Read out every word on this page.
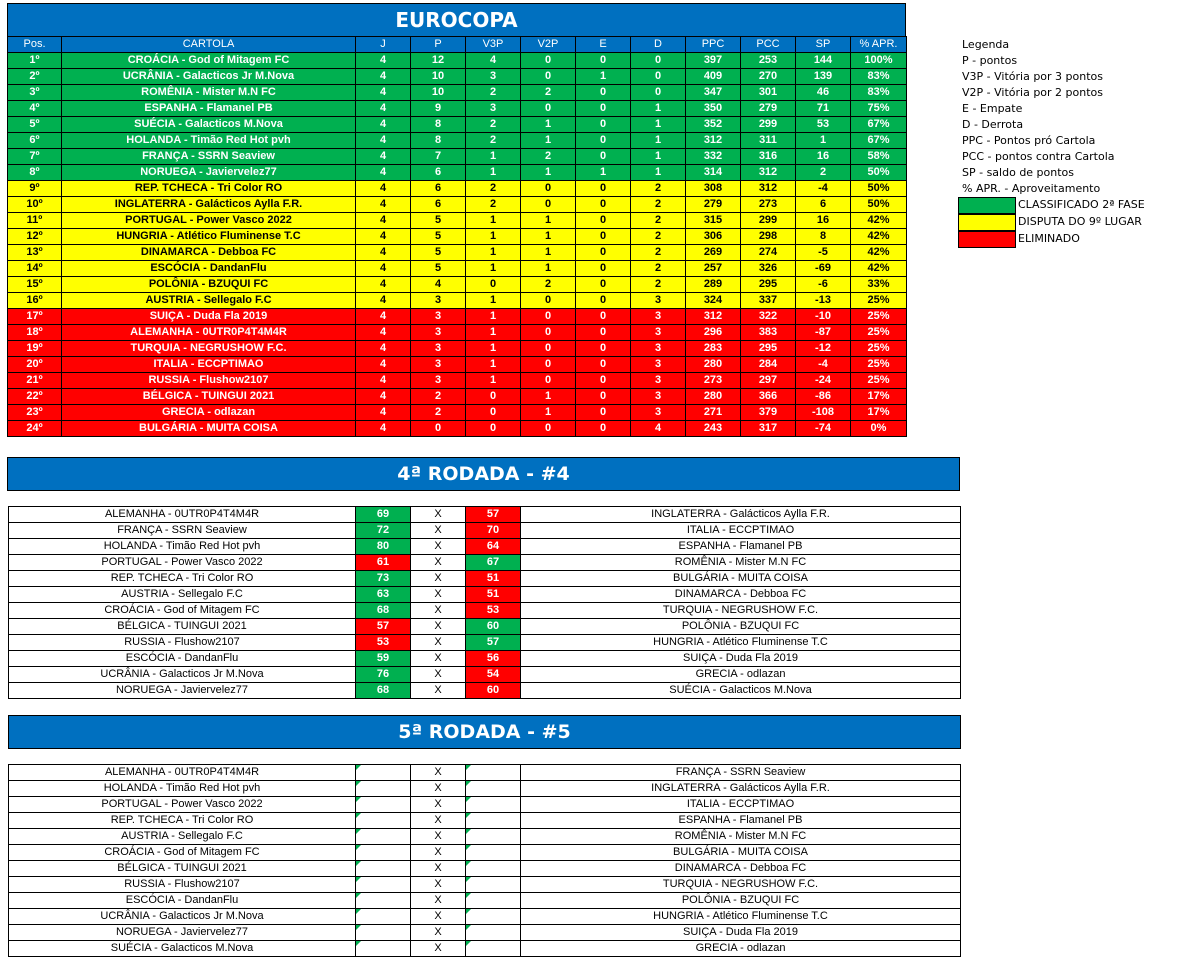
EUROCOPA
Pos.	CARTOLA	J	P	V3P	V2P	E	D	PPC	PCC	SP	% APR.
1º	CROÁCIA - God of Mitagem FC	4	12	4	0	0	0	397	253	144	100%
2º	UCRÂNIA - Galacticos Jr M.Nova	4	10	3	0	1	0	409	270	139	83%
3º	ROMÊNIA - Mister M.N FC	4	10	2	2	0	0	347	301	46	83%
4º	ESPANHA - Flamanel PB	4	9	3	0	0	1	350	279	71	75%
5º	SUÉCIA - Galacticos M.Nova	4	8	2	1	0	1	352	299	53	67%
6º	HOLANDA - Timão Red Hot pvh	4	8	2	1	0	1	312	311	1	67%
7º	FRANÇA - SSRN Seaview	4	7	1	2	0	1	332	316	16	58%
8º	NORUEGA - Javiervelez77	4	6	1	1	1	1	314	312	2	50%
9º	REP. TCHECA - Tri Color RO	4	6	2	0	0	2	308	312	-4	50%
10º	INGLATERRA - Galácticos Aylla F.R.	4	6	2	0	0	2	279	273	6	50%
11º	PORTUGAL - Power Vasco 2022	4	5	1	1	0	2	315	299	16	42%
12º	HUNGRIA - Atlético Fluminense T.C	4	5	1	1	0	2	306	298	8	42%
13º	DINAMARCA - Debboa FC	4	5	1	1	0	2	269	274	-5	42%
14º	ESCÓCIA - DandanFlu	4	5	1	1	0	2	257	326	-69	42%
15º	POLÔNIA - BZUQUI FC	4	4	0	2	0	2	289	295	-6	33%
16º	AUSTRIA - Sellegalo F.C	4	3	1	0	0	3	324	337	-13	25%
17º	SUIÇA - Duda Fla 2019	4	3	1	0	0	3	312	322	-10	25%
18º	ALEMANHA - 0UTR0P4T4M4R	4	3	1	0	0	3	296	383	-87	25%
19º	TURQUIA - NEGRUSHOW F.C.	4	3	1	0	0	3	283	295	-12	25%
20º	ITALIA - ECCPTIMAO	4	3	1	0	0	3	280	284	-4	25%
21º	RUSSIA - Flushow2107	4	3	1	0	0	3	273	297	-24	25%
22º	BÉLGICA - TUINGUI 2021	4	2	0	1	0	3	280	366	-86	17%
23º	GRECIA - odlazan	4	2	0	1	0	3	271	379	-108	17%
24º	BULGÁRIA - MUITA COISA	4	0	0	0	0	4	243	317	-74	0%
Legenda
P - pontos
V3P - Vitória por 3 pontos
V2P - Vitória por 2 pontos
E - Empate
D - Derrota
PPC - Pontos pró Cartola
PCC - pontos contra Cartola
SP - saldo de pontos
% APR. - Aproveitamento
CLASSIFICADO 2ª FASE
DISPUTA DO 9º LUGAR
ELIMINADO
4ª RODADA - #4
ALEMANHA - 0UTR0P4T4M4R	69	X	57	INGLATERRA - Galácticos Aylla F.R.
FRANÇA - SSRN Seaview	72	X	70	ITALIA - ECCPTIMAO
HOLANDA - Timão Red Hot pvh	80	X	64	ESPANHA - Flamanel PB
PORTUGAL - Power Vasco 2022	61	X	67	ROMÊNIA - Mister M.N FC
REP. TCHECA - Tri Color RO	73	X	51	BULGÁRIA - MUITA COISA
AUSTRIA - Sellegalo F.C	63	X	51	DINAMARCA - Debboa FC
CROÁCIA - God of Mitagem FC	68	X	53	TURQUIA - NEGRUSHOW F.C.
BÉLGICA - TUINGUI 2021	57	X	60	POLÔNIA - BZUQUI FC
RUSSIA - Flushow2107	53	X	57	HUNGRIA - Atlético Fluminense T.C
ESCÓCIA - DandanFlu	59	X	56	SUIÇA - Duda Fla 2019
UCRÂNIA - Galacticos Jr M.Nova	76	X	54	GRECIA - odlazan
NORUEGA - Javiervelez77	68	X	60	SUÉCIA - Galacticos M.Nova
5ª RODADA - #5
ALEMANHA - 0UTR0P4T4M4R		X		FRANÇA - SSRN Seaview
HOLANDA - Timão Red Hot pvh		X		INGLATERRA - Galácticos Aylla F.R.
PORTUGAL - Power Vasco 2022		X		ITALIA - ECCPTIMAO
REP. TCHECA - Tri Color RO		X		ESPANHA - Flamanel PB
AUSTRIA - Sellegalo F.C		X		ROMÊNIA - Mister M.N FC
CROÁCIA - God of Mitagem FC		X		BULGÁRIA - MUITA COISA
BÉLGICA - TUINGUI 2021		X		DINAMARCA - Debboa FC
RUSSIA - Flushow2107		X		TURQUIA - NEGRUSHOW F.C.
ESCÓCIA - DandanFlu		X		POLÔNIA - BZUQUI FC
UCRÂNIA - Galacticos Jr M.Nova		X		HUNGRIA - Atlético Fluminense T.C
NORUEGA - Javiervelez77		X		SUIÇA - Duda Fla 2019
SUÉCIA - Galacticos M.Nova		X		GRECIA - odlazan
